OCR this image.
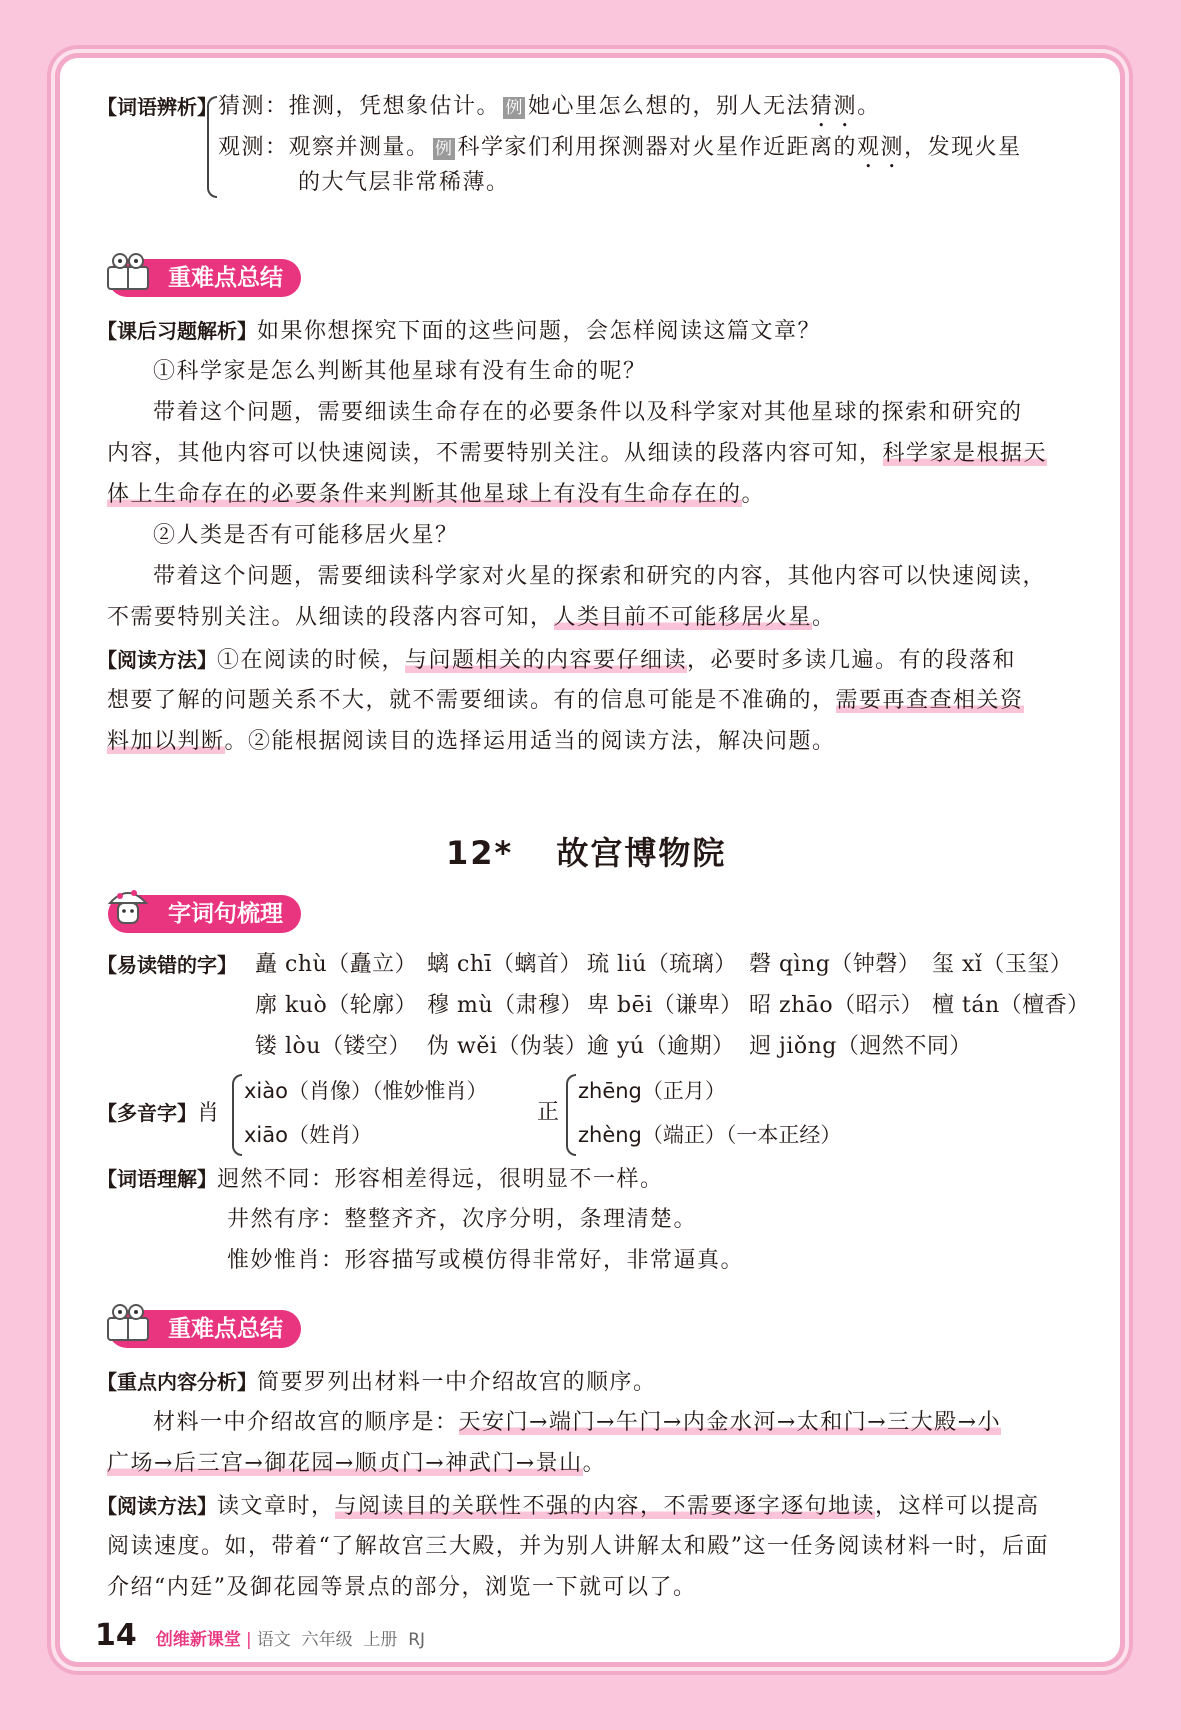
【词语辨析】 猜测：推测，凭想象估计。 例 她心里怎么想的，别人无法猜测。
观测：观察并测量。 例 科学家们利用探测器对火星作近距离的观测，发现火星
的大气层非常稀薄。
重难点总结
【课后习题解析】如果你想探究下面的这些问题，会怎样阅读这篇文章？
①科学家是怎么判断其他星球有没有生命的呢？
带着这个问题，需要细读生命存在的必要条件以及科学家对其他星球的探索和研究的
内容，其他内容可以快速阅读，不需要特别关注。从细读的段落内容可知，科学家是根据天
体上生命存在的必要条件来判断其他星球上有没有生命存在的。
②人类是否有可能移居火星？
带着这个问题，需要细读科学家对火星的探索和研究的内容，其他内容可以快速阅读，
不需要特别关注。从细读的段落内容可知，人类目前不可能移居火星。
【阅读方法】①在阅读的时候，与问题相关的内容要仔细读，必要时多读几遍。有的段落和
想要了解的问题关系不大，就不需要细读。有的信息可能是不准确的，需要再查查相关资
料加以判断。②能根据阅读目的选择运用适当的阅读方法，解决问题。
12* 故宫博物院
字词句梳理
【易读错的字】 矗 chù（矗立） 螭 chī（螭首） 琉 liú（琉璃） 磬 qìng（钟磬） 玺 xǐ（玉玺）
廓 kuò（轮廓） 穆 mù（肃穆） 卑 bēi（谦卑） 昭 zhāo（昭示） 檀 tán（檀香）
镂 lòu（镂空） 伪 wěi（伪装） 逾 yú（逾期） 迥 jiǒng（迥然不同）
【多音字】肖
xiào（肖像）（惟妙惟肖）
xiāo（姓肖）
正
zhēng（正月）
zhèng（端正）（一本正经）
【词语理解】迥然不同：形容相差得远，很明显不一样。
井然有序：整整齐齐，次序分明，条理清楚。
惟妙惟肖：形容描写或模仿得非常好，非常逼真。
重难点总结
【重点内容分析】简要罗列出材料一中介绍故宫的顺序。
材料一中介绍故宫的顺序是：天安门→端门→午门→内金水河→太和门→三大殿→小
广场→后三宫→御花园→顺贞门→神武门→景山。
【阅读方法】读文章时，与阅读目的关联性不强的内容，不需要逐字逐句地读，这样可以提高
阅读速度。如，带着“了解故宫三大殿，并为别人讲解太和殿”这一任务阅读材料一时，后面
介绍“内廷”及御花园等景点的部分，浏览一下就可以了。
14 创维新课堂 | 语文  六年级  上册  RJ
